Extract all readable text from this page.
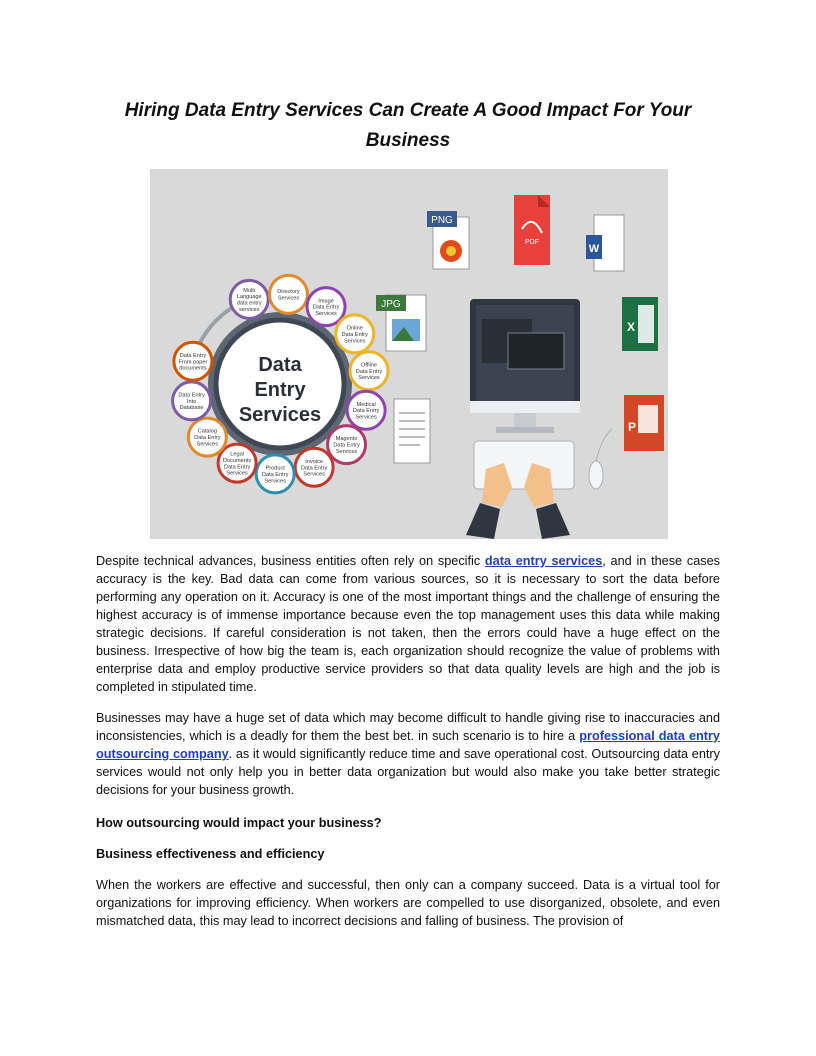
Hiring Data Entry Services Can Create A Good Impact For Your Business
Data
Entry
Services
Multi
Language
data entry
services
Directory
Services	Image
Data Entry
Services
Online
Data Entry
Services
Offline
Data Entry
Services
Medical
Data Entry
Services
Magento
Data Entry
Services
Invoice
Data Entry
Services
Product
Data Entry
Services
Legal
Documents
Data Entry
Services
Catalog
Data Entry
Services
Data Entry
Into
Database
Data Entry
From paper
documents
PNG
PDF
W
JPG
X
P
Despite technical advances, business entities often rely on specific data entry services, and in these cases accuracy is the key. Bad data can come from various sources, so it is necessary to sort the data before performing any operation on it. Accuracy is one of the most important things and the challenge of ensuring the highest accuracy is of immense importance because even the top management uses this data while making strategic decisions. If careful consideration is not taken, then the errors could have a huge effect on the business. Irrespective of how big the team is, each organization should recognize the value of problems with enterprise data and employ productive service providers so that data quality levels are high and the job is completed in stipulated time.
Businesses may have a huge set of data which may become difficult to handle giving rise to inaccuracies and inconsistencies, which is a deadly for them the best bet. in such scenario is to hire a professional data entry outsourcing company. as it would significantly reduce time and save operational cost. Outsourcing data entry services would not only help you in better data organization but would also make you take better strategic decisions for your business growth.
How outsourcing would impact your business?
Business effectiveness and efficiency
When the workers are effective and successful, then only can a company succeed. Data is a virtual tool for organizations for improving efficiency. When workers are compelled to use disorganized, obsolete, and even mismatched data, this may lead to incorrect decisions and falling of business. The provision of
